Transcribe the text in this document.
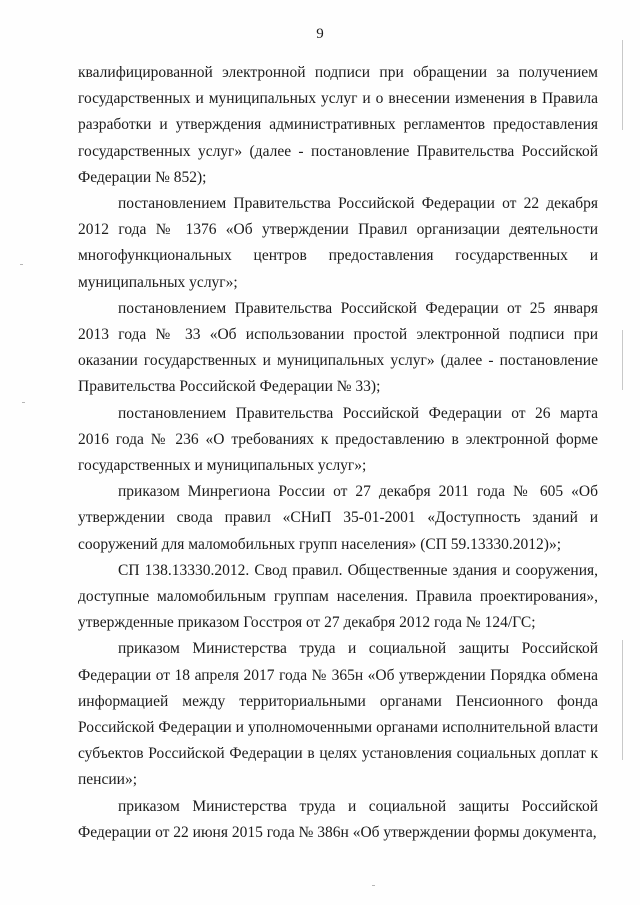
9

квалифицированной электронной подписи при обращении за получением государственных и муниципальных услуг и о внесении изменения в Правила разработки и утверждения административных регламентов предоставления государственных услуг» (далее - постановление Правительства Российской Федерации № 852);

постановлением Правительства Российской Федерации от 22 декабря 2012 года № 1376 «Об утверждении Правил организации деятельности многофункциональных центров предоставления государственных и муниципальных услуг»;

постановлением Правительства Российской Федерации от 25 января 2013 года № 33 «Об использовании простой электронной подписи при оказании государственных и муниципальных услуг» (далее - постановление Правительства Российской Федерации № 33);

постановлением Правительства Российской Федерации от 26 марта 2016 года № 236 «О требованиях к предоставлению в электронной форме государственных и муниципальных услуг»;

приказом Минрегиона России от 27 декабря 2011 года № 605 «Об утверждении свода правил «СНиП 35-01-2001 «Доступность зданий и сооружений для маломобильных групп населения» (СП 59.13330.2012)»;

СП 138.13330.2012. Свод правил. Общественные здания и сооружения, доступные маломобильным группам населения. Правила проектирования», утвержденные приказом Госстроя от 27 декабря 2012 года № 124/ГС;

приказом Министерства труда и социальной защиты Российской Федерации от 18 апреля 2017 года № 365н «Об утверждении Порядка обмена информацией между территориальными органами Пенсионного фонда Российской Федерации и уполномоченными органами исполнительной власти субъектов Российской Федерации в целях установления социальных доплат к пенсии»;

приказом Министерства труда и социальной защиты Российской Федерации от 22 июня 2015 года № 386н «Об утверждении формы документа,
